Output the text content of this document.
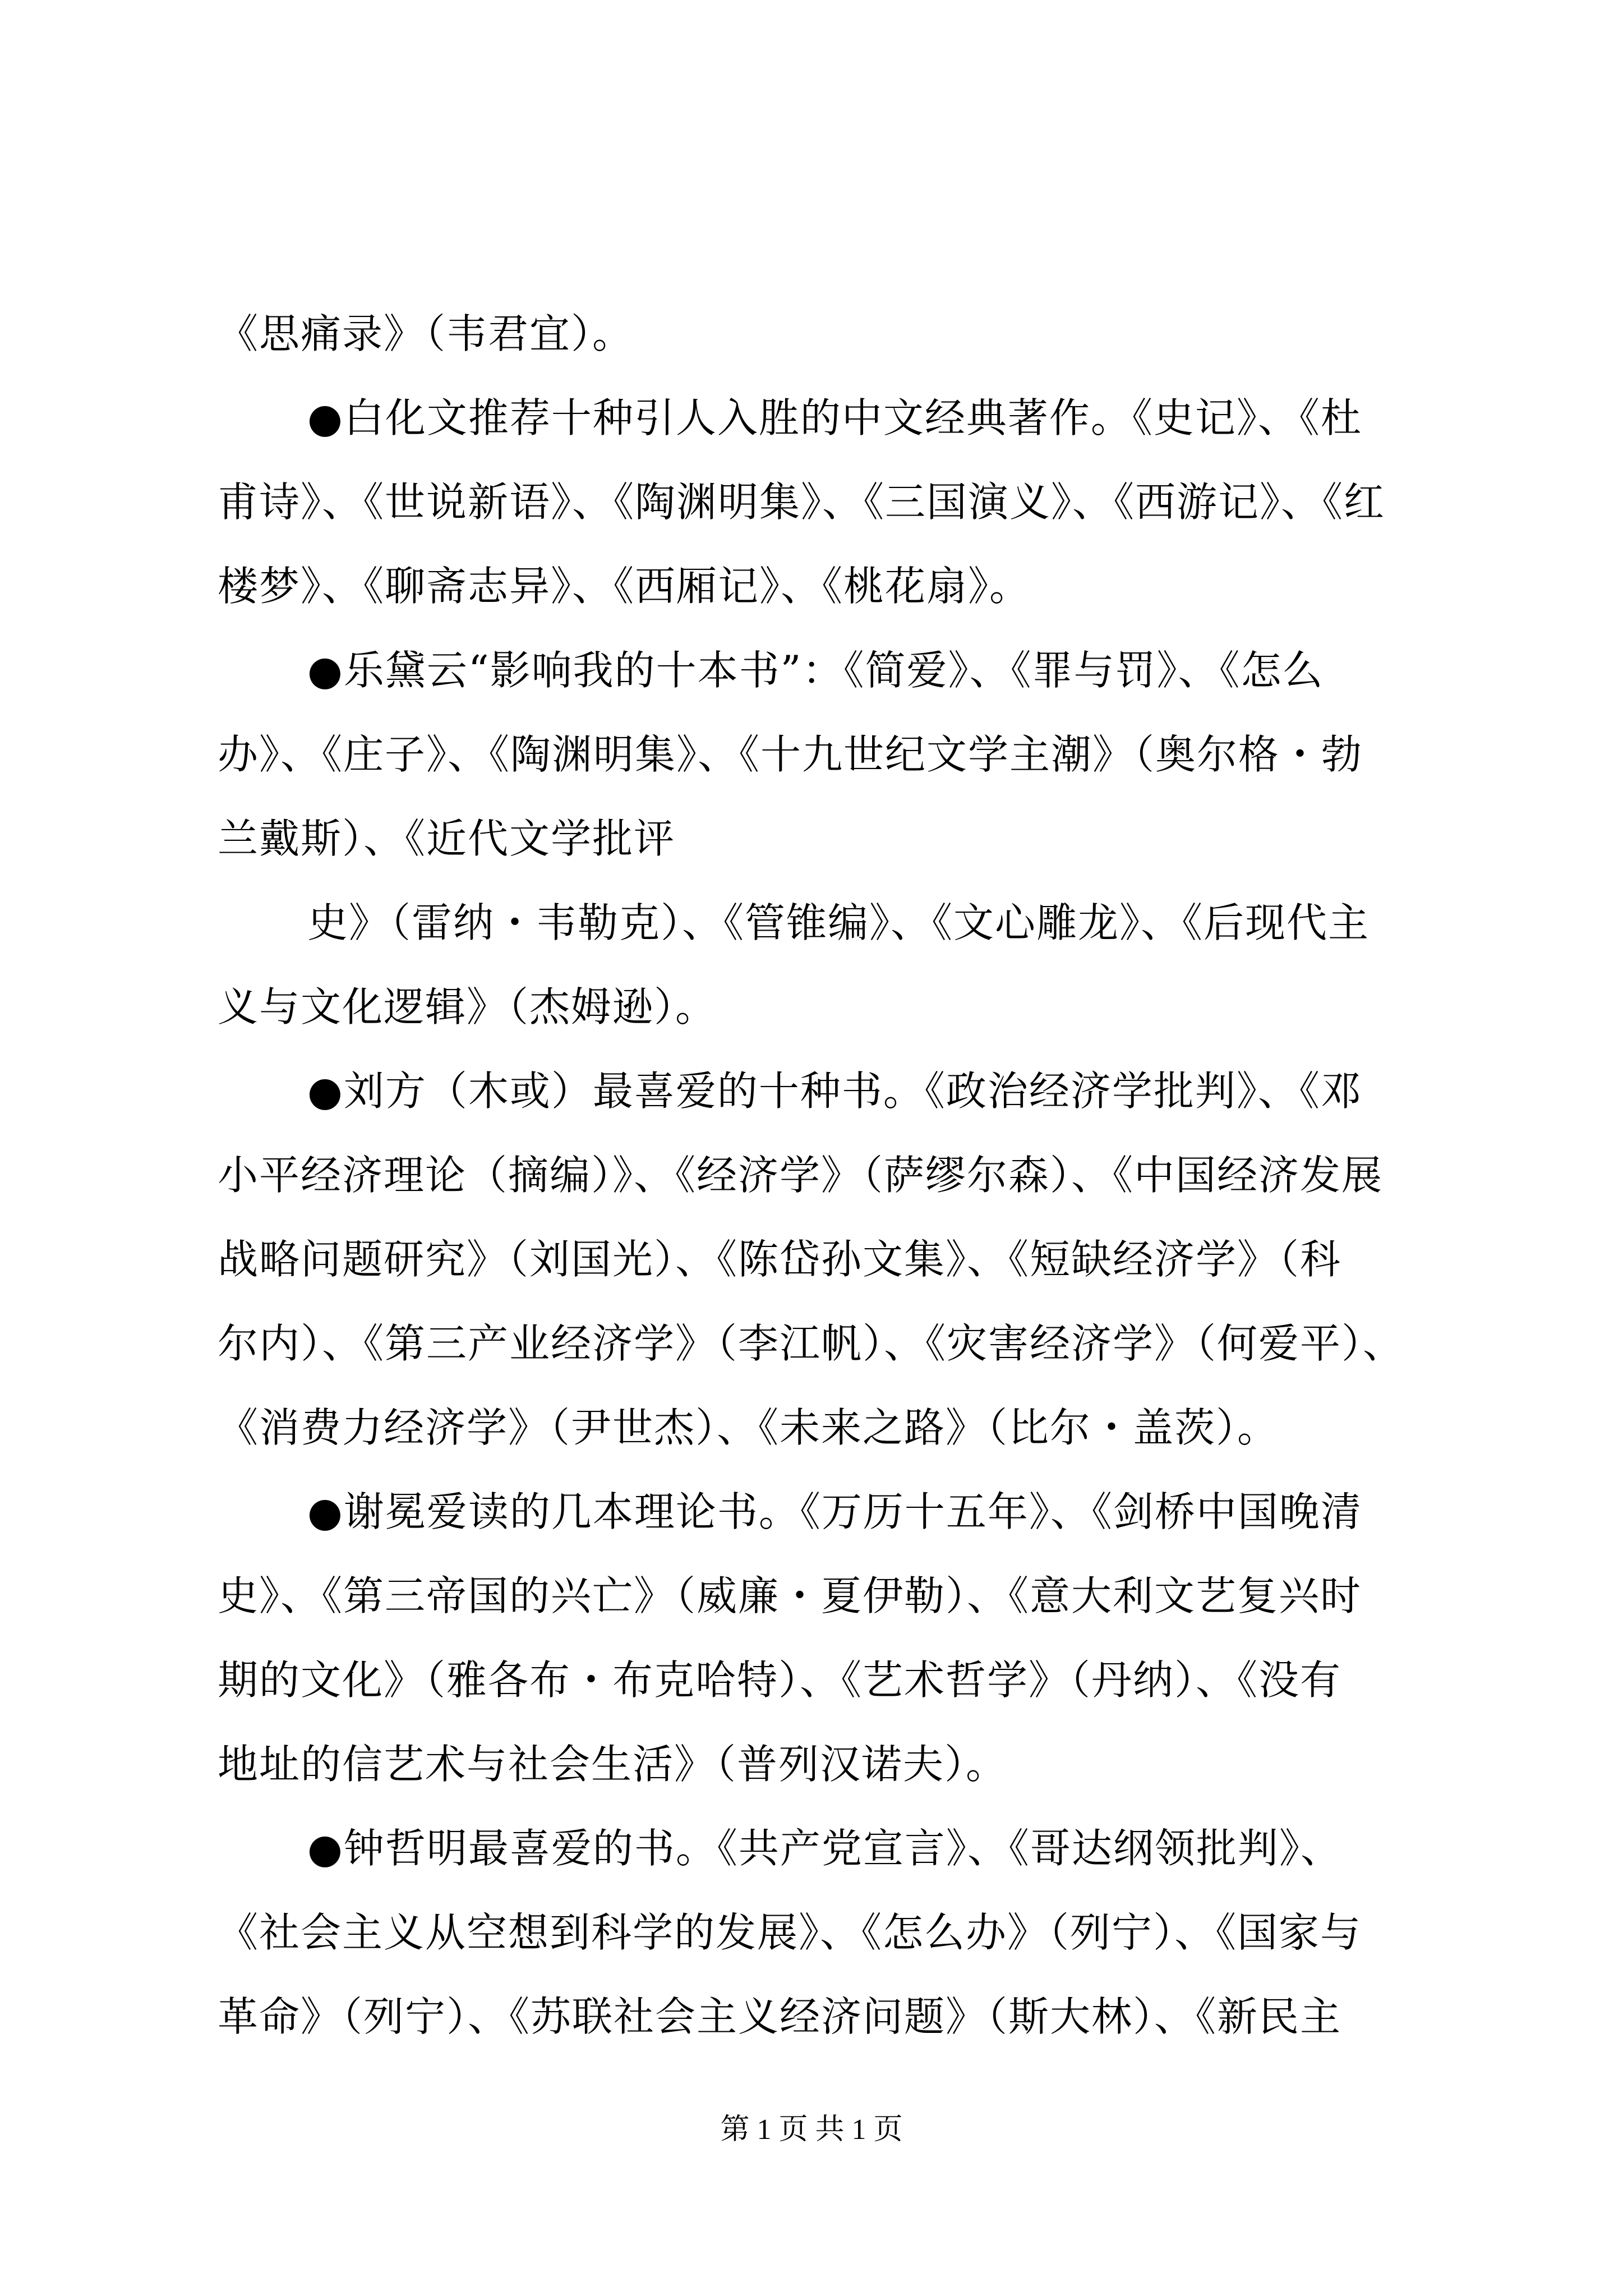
《思痛录》（韦君宜）。
●白化文推荐十种引人入胜的中文经典著作。《史记》、《杜
甫诗》、《世说新语》、《陶渊明集》、《三国演义》、《西游记》、《红
楼梦》、《聊斋志异》、《西厢记》、《桃花扇》。
●乐黛云“影响我的十本书”：《简爱》、《罪与罚》、《怎么
办》、《庄子》、《陶渊明集》、《十九世纪文学主潮》（奥尔格・勃
兰戴斯）、《近代文学批评
史》（雷纳・韦勒克）、《管锥编》、《文心雕龙》、《后现代主
义与文化逻辑》（杰姆逊）。
●刘方（木或）最喜爱的十种书。《政治经济学批判》、《邓
小平经济理论（摘编）》、《经济学》（萨缪尔森）、《中国经济发展
战略问题研究》（刘国光）、《陈岱孙文集》、《短缺经济学》（科
尔内）、《第三产业经济学》（李江帆）、《灾害经济学》（何爱平）、
《消费力经济学》（尹世杰）、《未来之路》（比尔・盖茨）。
●谢冕爱读的几本理论书。《万历十五年》、《剑桥中国晚清
史》、《第三帝国的兴亡》（威廉・夏伊勒）、《意大利文艺复兴时
期的文化》（雅各布・布克哈特）、《艺术哲学》（丹纳）、《没有
地址的信艺术与社会生活》（普列汉诺夫）。
●钟哲明最喜爱的书。《共产党宣言》、《哥达纲领批判》、
《社会主义从空想到科学的发展》、《怎么办》（列宁）、《国家与
革命》（列宁）、《苏联社会主义经济问题》（斯大林）、《新民主
第 1 页 共 1 页
